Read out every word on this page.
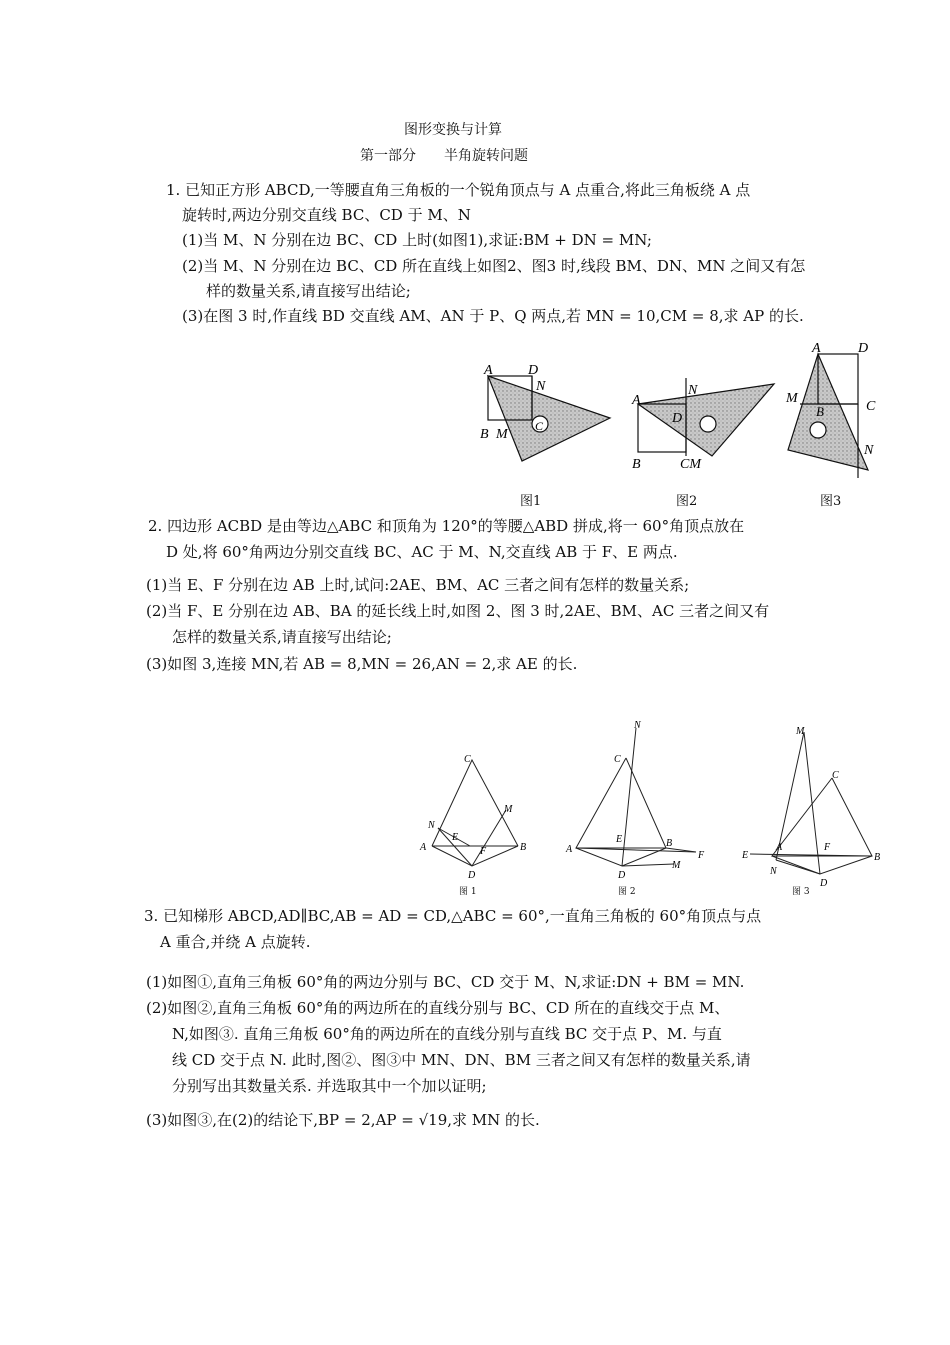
图形变换与计算
第一部分　　半角旋转问题
1. 已知正方形 ABCD,一等腰直角三角板的一个锐角顶点与 A 点重合,将此三角板绕 A 点
旋转时,两边分别交直线 BC、CD 于 M、N
(1)当 M、N 分别在边 BC、CD 上时(如图1),求证:BM + DN = MN;
(2)当 M、N 分别在边 BC、CD 所在直线上如图2、图3 时,线段 BM、DN、MN 之间又有怎
样的数量关系,请直接写出结论;
(3)在图 3 时,作直线 BD 交直线 AM、AN 于 P、Q 两点,若 MN = 10,CM = 8,求 AP 的长.
A	D
N
B M
C
A
N
D
B	CM
A	D
M
C
B
N
图1	图2	图3
2. 四边形 ACBD 是由等边△ABC 和顶角为 120°的等腰△ABD 拼成,将一 60°角顶点放在
D 处,将 60°角两边分别交直线 BC、AC 于 M、N,交直线 AB 于 F、E 两点.
(1)当 E、F 分别在边 AB 上时,试问:2AE、BM、AC 三者之间有怎样的数量关系;
(2)当 F、E 分别在边 AB、BA 的延长线上时,如图 2、图 3 时,2AE、BM、AC 三者之间又有
怎样的数量关系,请直接写出结论;
(3)如图 3,连接 MN,若 AB = 8,MN = 26,AN = 2,求 AE 的长.
C
M
N
E
A	B
F
D
N
C
E	B
A
M
F
D
M
C
E
A	F
B
N
D
图 1	图 2	图 3
3. 已知梯形 ABCD,AD∥BC,AB = AD = CD,△ABC = 60°,一直角三角板的 60°角顶点与点
A 重合,并绕 A 点旋转.
(1)如图①,直角三角板 60°角的两边分别与 BC、CD 交于 M、N,求证:DN + BM = MN.
(2)如图②,直角三角板 60°角的两边所在的直线分别与 BC、CD 所在的直线交于点 M、
N,如图③. 直角三角板 60°角的两边所在的直线分别与直线 BC 交于点 P、M. 与直
线 CD 交于点 N. 此时,图②、图③中 MN、DN、BM 三者之间又有怎样的数量关系,请
分别写出其数量关系. 并选取其中一个加以证明;
(3)如图③,在(2)的结论下,BP = 2,AP = √19,求 MN 的长.
